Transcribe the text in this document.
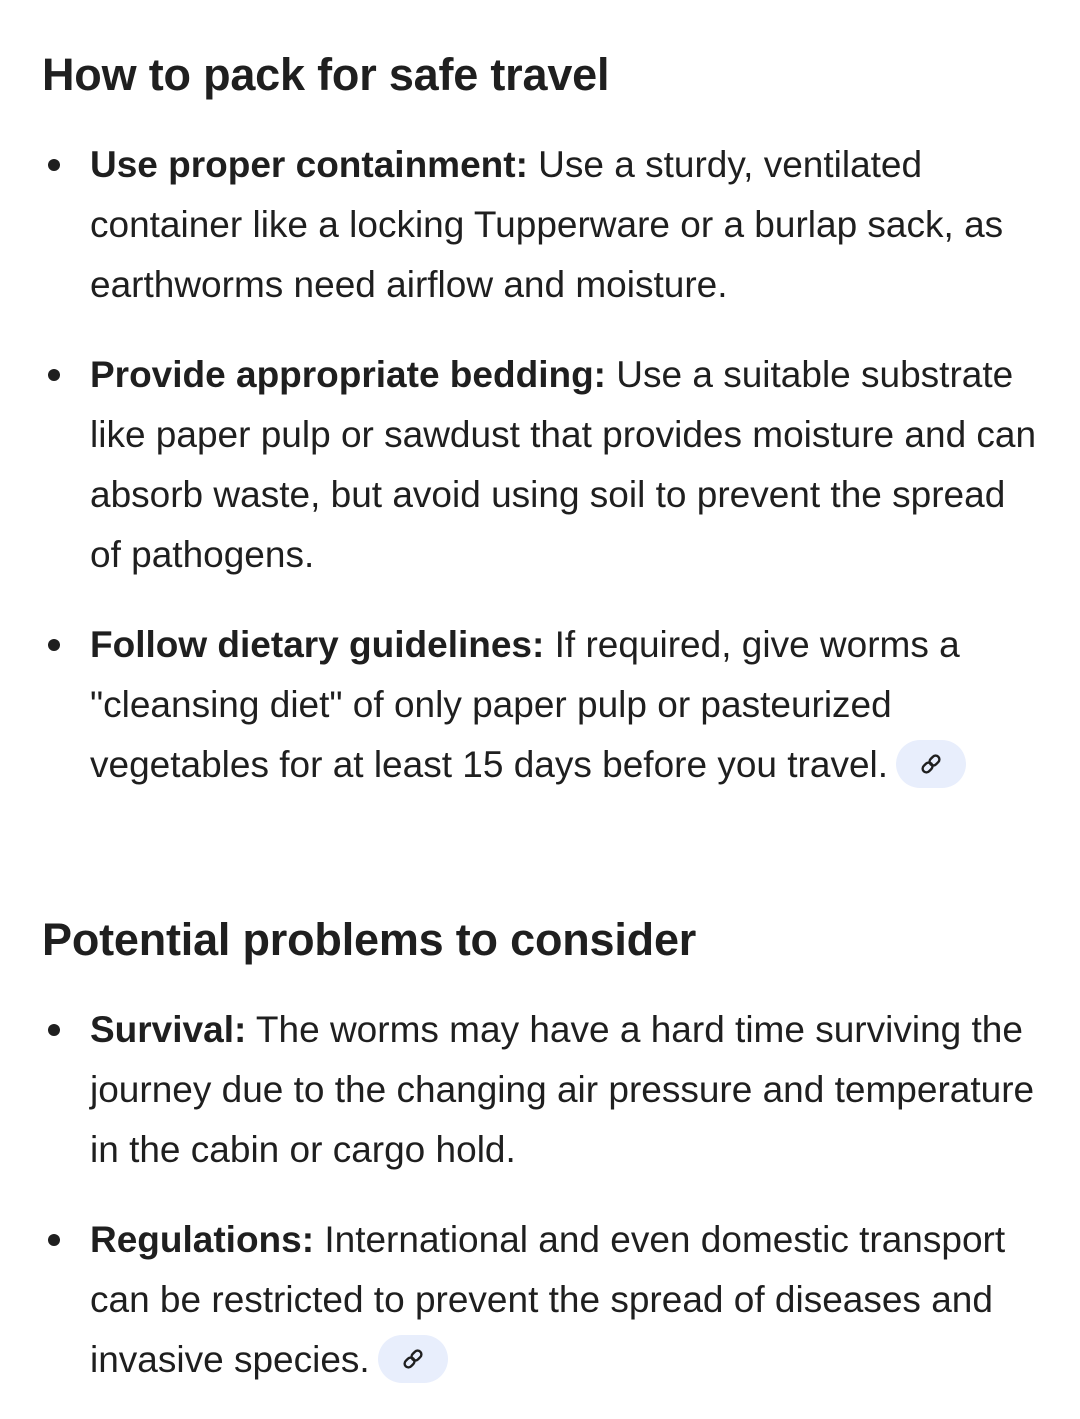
How to pack for safe travel
Use proper containment: Use a sturdy, ventilated container like a locking Tupperware or a burlap sack, as earthworms need airflow and moisture.
Provide appropriate bedding: Use a suitable substrate like paper pulp or sawdust that provides moisture and can absorb waste, but avoid using soil to prevent the spread of pathogens.
Follow dietary guidelines: If required, give worms a "cleansing diet" of only paper pulp or pasteurized vegetables for at least 15 days before you travel.
Potential problems to consider
Survival: The worms may have a hard time surviving the journey due to the changing air pressure and temperature in the cabin or cargo hold.
Regulations: International and even domestic transport can be restricted to prevent the spread of diseases and invasive species.
